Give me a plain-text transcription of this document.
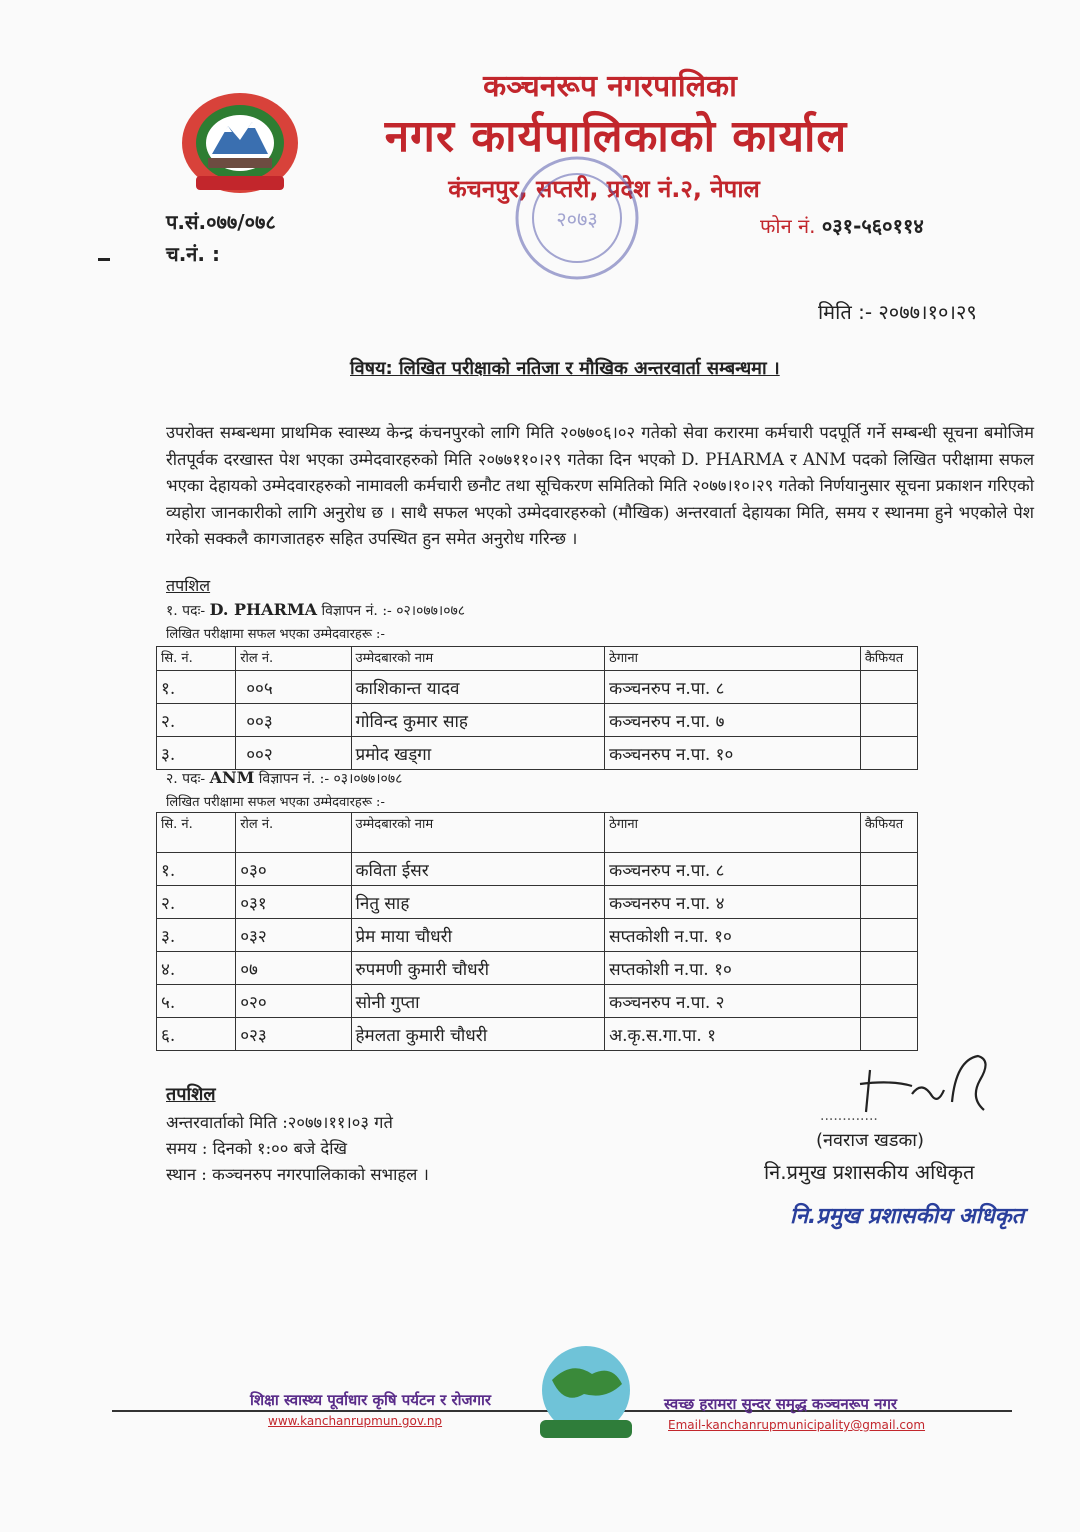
कञ्चनरूप नगरपालिका
नगर कार्यपालिकाको कार्याल
कंचनपुर, सप्तरी, प्रदेश नं.२, नेपाल
२०७३
प.सं.०७७/०७८
च.नं. :
फोन नं. ०३१-५६०११४
मिति :- २०७७।१०।२९
विषय: लिखित परीक्षाको नतिजा र मौखिक अन्तरवार्ता सम्बन्धमा ।
उपरोक्त सम्बन्धमा प्राथमिक स्वास्थ्य केन्द्र कंचनपुरको लागि मिति २०७७०६।०२ गतेको सेवा करारमा कर्मचारी पदपूर्ति गर्ने सम्बन्धी सूचना बमोजिम रीतपूर्वक दरखास्त पेश भएका उम्मेदवारहरुको मिति २०७७११०।२९ गतेका दिन भएको D. PHARMA र ANM पदको लिखित परीक्षामा सफल भएका देहायको उम्मेदवारहरुको नामावली कर्मचारी छनौट तथा सूचिकरण समितिको मिति २०७७।१०।२९ गतेको निर्णयानुसार सूचना प्रकाशन गरिएको व्यहोरा जानकारीको लागि अनुरोध छ । साथै सफल भएको उम्मेदवारहरुको (मौखिक) अन्तरवार्ता देहायका मिति, समय र स्थानमा हुने भएकोले पेश गरेको सक्कलै कागजातहरु सहित उपस्थित हुन समेत अनुरोध गरिन्छ ।
तपशिल
१. पदः- D. PHARMA विज्ञापन नं. :- ०२।०७७।०७८
लिखित परीक्षामा सफल भएका उम्मेदवारहरू :-
सि. नं.	रोल नं.	उम्मेदबारको नाम	ठेगाना	कैफियत
१.	००५	काशिकान्त यादव	कञ्चनरुप न.पा. ८	
२.	००३	गोविन्द कुमार साह	कञ्चनरुप न.पा. ७	
३.	००२	प्रमोद खड्गा	कञ्चनरुप न.पा. १०	
२. पदः- ANM विज्ञापन नं. :- ०३।०७७।०७८
लिखित परीक्षामा सफल भएका उम्मेदवारहरू :-
सि. नं.	रोल नं.	उम्मेदबारको नाम	ठेगाना	कैफियत
१.	०३०	कविता ईसर	कञ्चनरुप न.पा. ८	
२.	०३१	नितु साह	कञ्चनरुप न.पा. ४	
३.	०३२	प्रेम माया चौधरी	सप्तकोशी न.पा. १०	
४.	०७	रुपमणी कुमारी चौधरी	सप्तकोशी न.पा. १०	
५.	०२०	सोनी गुप्ता	कञ्चनरुप न.पा. २	
६.	०२३	हेमलता कुमारी चौधरी	अ.कृ.स.गा.पा. १	
तपशिल
अन्तरवार्ताको मिति :२०७७।११।०३ गते
समय : दिनको १:०० बजे देखि
स्थान : कञ्चनरुप नगरपालिकाको सभाहल ।
.............
(नवराज खडका)
नि.प्रमुख प्रशासकीय अधिकृत
नि.प्रमुख प्रशासकीय अधिकृत
शिक्षा स्वास्थ्य पूर्वाधार कृषि पर्यटन र रोजगार	स्वच्छ हरामरा सुन्दर समृद्ध कञ्चनरूप नगर
www.kanchanrupmun.gov.np	Email-kanchanrupmunicipality@gmail.com
